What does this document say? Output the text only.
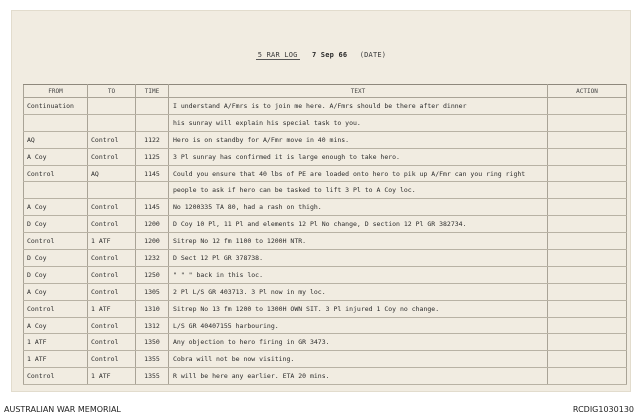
5 RAR LOG 7 Sep 66 (DATE)
FROM	TO	TIME	TEXT	ACTION
Continuation			I understand A/Fmrs is to join me here. A/Fmrs should be there after dinner	
			his sunray will explain his special task to you.	
AQ	Control	1122	Hero is on standby for A/Fmr move in 40 mins.	
A Coy	Control	1125	3 Pl sunray has confirmed it is large enough to take hero.	
Control	AQ	1145	Could you ensure that 40 lbs of PE are loaded onto hero to pik up A/Fmr can you ring right	
			people to ask if hero can be tasked to lift 3 Pl to A Coy loc.	
A Coy	Control	1145	No 1200335 TA 80, had a rash on thigh.	
D Coy	Control	1200	D Coy 10 Pl, 11 Pl and elements 12 Pl No change, D section 12 Pl GR 382734.	
Control	1 ATF	1200	Sitrep No 12 fm 1100 to 1200H NTR.	
D Coy	Control	1232	D Sect 12 Pl GR 378738.	
D Coy	Control	1250	" " " back in this loc.	
A Coy	Control	1305	2 Pl L/S GR 403713. 3 Pl now in my loc.	
Control	1 ATF	1310	Sitrep No 13 fm 1200 to 1300H OWN SIT. 3 Pl injured 1 Coy no change.	
A Coy	Control	1312	L/S GR 40407155 harbouring.	
1 ATF	Control	1350	Any objection to hero firing in GR 3473.	
1 ATF	Control	1355	Cobra will not be now visiting.	
Control	1 ATF	1355	R will be here any earlier. ETA 20 mins.	
AUSTRALIAN WAR MEMORIAL	RCDIG1030130
